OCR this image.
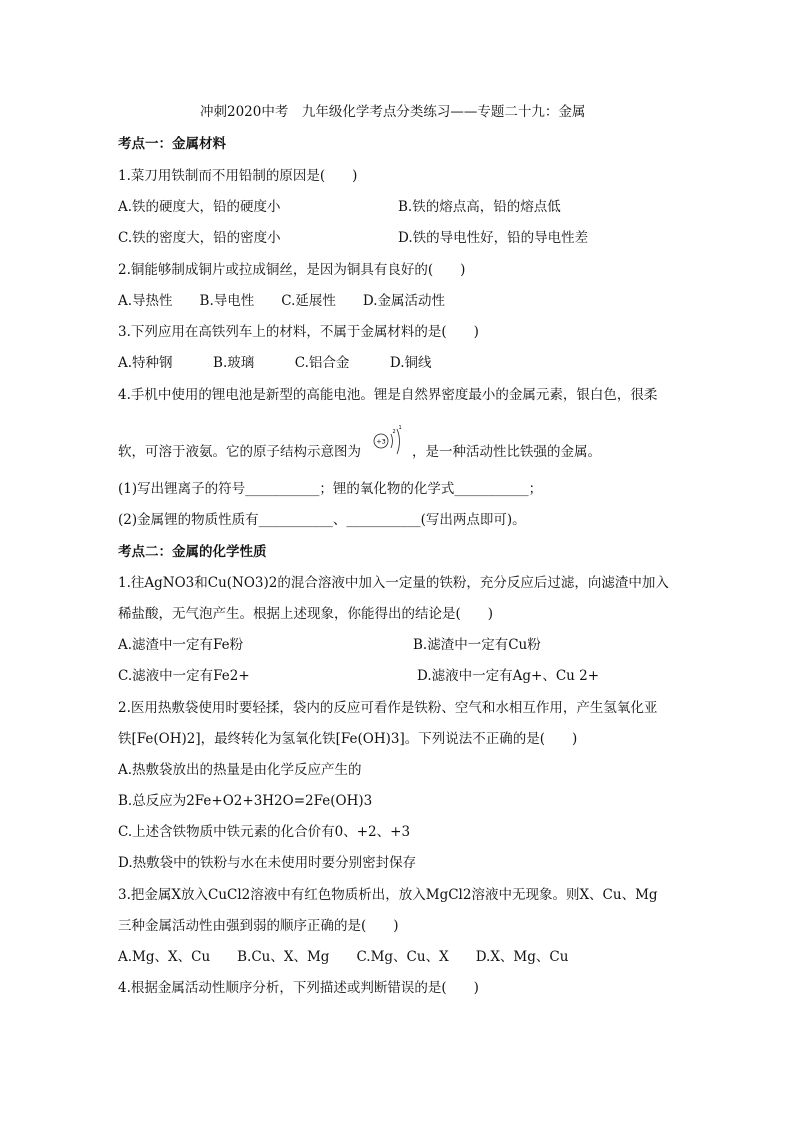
冲刺2020中考　九年级化学考点分类练习——专题二十九：金属
考点一：金属材料
1.菜刀用铁制而不用铅制的原因是(　　)
A.铁的硬度大，铅的硬度小	B.铁的熔点高，铅的熔点低
C.铁的密度大，铅的密度小	D.铁的导电性好，铅的导电性差
2.铜能够制成铜片或拉成铜丝，是因为铜具有良好的(　　)
A.导热性　　B.导电性　　C.延展性　　D.金属活动性
3.下列应用在高铁列车上的材料，不属于金属材料的是(　　)
A.特种钢　　　B.玻璃　　　C.铝合金　　　D.铜线
4.手机中使用的锂电池是新型的高能电池。锂是自然界密度最小的金属元素，银白色，很柔
软，可溶于液氨。它的原子结构示意图为
+3
2
1
，是一种活动性比铁强的金属。
(1)写出锂离子的符号___________；锂的氧化物的化学式___________；
(2)金属锂的物质性质有___________、___________(写出两点即可)。
考点二：金属的化学性质
1.往AgNO3和Cu(NO3)2的混合溶液中加入一定量的铁粉，充分反应后过滤，向滤渣中加入
稀盐酸，无气泡产生。根据上述现象，你能得出的结论是(　　)
A.滤渣中一定有Fe粉	B.滤渣中一定有Cu粉
C.滤液中一定有Fe2+	D.滤液中一定有Ag+、Cu 2+
2.医用热敷袋使用时要轻揉，袋内的反应可看作是铁粉、空气和水相互作用，产生氢氧化亚
铁[Fe(OH)2]，最终转化为氢氧化铁[Fe(OH)3]。下列说法不正确的是(　　)
A.热敷袋放出的热量是由化学反应产生的
B.总反应为2Fe+O2+3H2O=2Fe(OH)3
C.上述含铁物质中铁元素的化合价有0、+2、+3
D.热敷袋中的铁粉与水在未使用时要分别密封保存
3.把金属X放入CuCl2溶液中有红色物质析出，放入MgCl2溶液中无现象。则X、Cu、Mg
三种金属活动性由强到弱的顺序正确的是(　　)
A.Mg、X、Cu　　B.Cu、X、Mg　　C.Mg、Cu、X　　D.X、Mg、Cu
4.根据金属活动性顺序分析，下列描述或判断错误的是(　　)
